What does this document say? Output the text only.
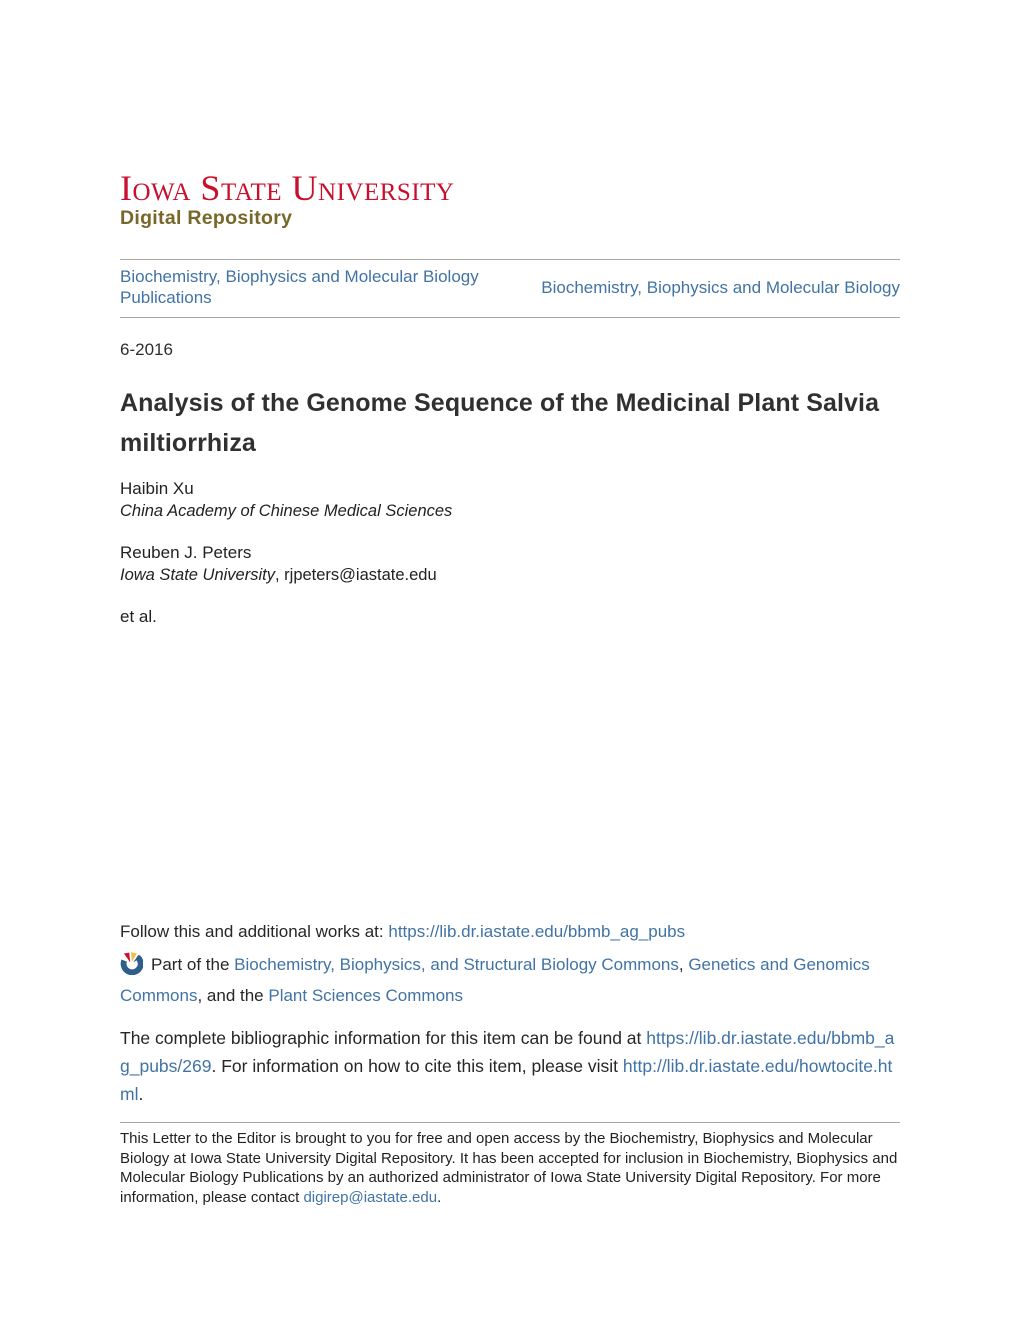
Iowa State University
Digital Repository
Biochemistry, Biophysics and Molecular Biology Publications
Biochemistry, Biophysics and Molecular Biology
6-2016
Analysis of the Genome Sequence of the Medicinal Plant Salvia miltiorrhiza
Haibin Xu
China Academy of Chinese Medical Sciences
Reuben J. Peters
Iowa State University, rjpeters@iastate.edu
et al.

Follow this and additional works at: https://lib.dr.iastate.edu/bbmb_ag_pubs

Part of the Biochemistry, Biophysics, and Structural Biology Commons, Genetics and Genomics Commons, and the Plant Sciences Commons

The complete bibliographic information for this item can be found at https://lib.dr.iastate.edu/bbmb_ag_pubs/269. For information on how to cite this item, please visit http://lib.dr.iastate.edu/howtocite.html.

This Letter to the Editor is brought to you for free and open access by the Biochemistry, Biophysics and Molecular Biology at Iowa State University Digital Repository. It has been accepted for inclusion in Biochemistry, Biophysics and Molecular Biology Publications by an authorized administrator of Iowa State University Digital Repository. For more information, please contact digirep@iastate.edu.
